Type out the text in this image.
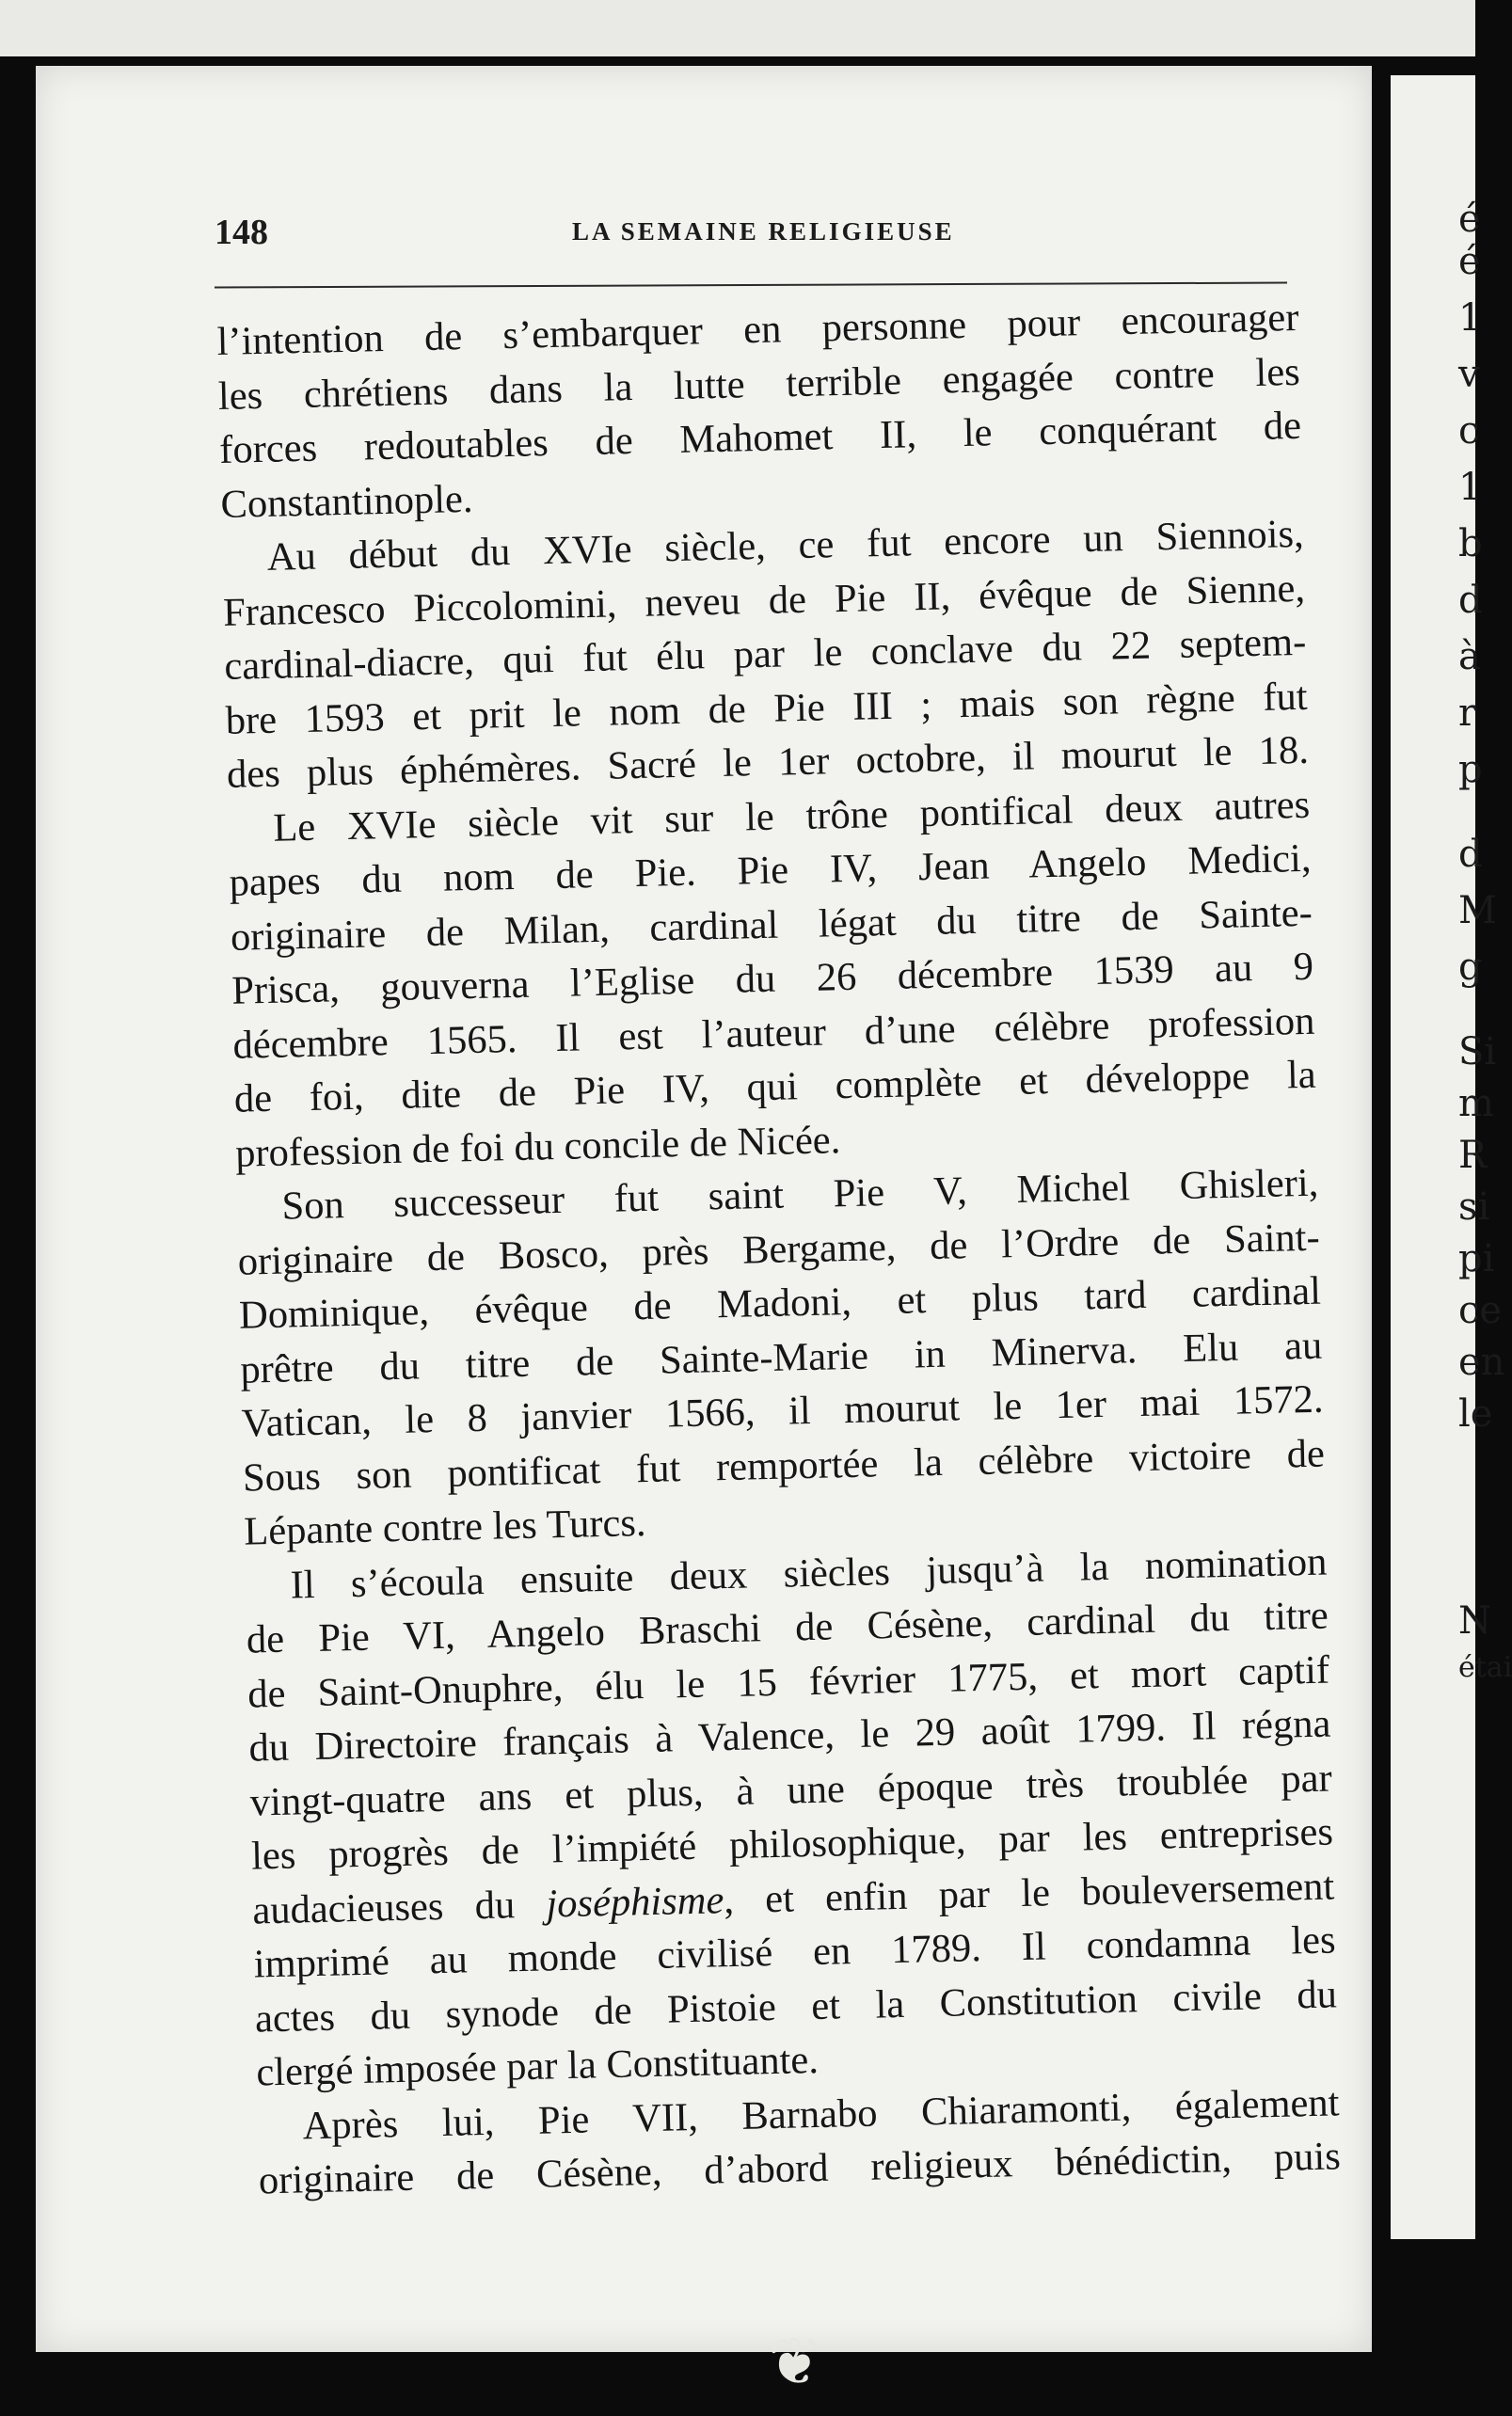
é
é
1
v
c
1
b
d
à
r
p
d
M
g
Si
m
R
si
pi
ce
en
le
N
étai
148	LA SEMAINE RELIGIEUSE

l’intention de s’embarquer en personne pour encourager
les chrétiens dans la lutte terrible engagée contre les
forces redoutables de Mahomet II, le conquérant de
Constantinople.

Au début du XVIe siècle, ce fut encore un Siennois,
Francesco Piccolomini, neveu de Pie II, évêque de Sienne,
cardinal-diacre, qui fut élu par le conclave du 22 septem-
bre 1593 et prit le nom de Pie III ; mais son règne fut
des plus éphémères. Sacré le 1er octobre, il mourut le 18.

Le XVIe siècle vit sur le trône pontifical deux autres
papes du nom de Pie. Pie IV, Jean Angelo Medici,
originaire de Milan, cardinal légat du titre de Sainte-
Prisca, gouverna l’Eglise du 26 décembre 1539 au 9
décembre 1565. Il est l’auteur d’une célèbre profession
de foi, dite de Pie IV, qui complète et développe la
profession de foi du concile de Nicée.

Son successeur fut saint Pie V, Michel Ghisleri,
originaire de Bosco, près Bergame, de l’Ordre de Saint-
Dominique, évêque de Madoni, et plus tard cardinal
prêtre du titre de Sainte-Marie in Minerva. Elu au
Vatican, le 8 janvier 1566, il mourut le 1er mai 1572.
Sous son pontificat fut remportée la célèbre victoire de
Lépante contre les Turcs.

Il s’écoula ensuite deux siècles jusqu’à la nomination
de Pie VI, Angelo Braschi de Césène, cardinal du titre
de Saint-Onuphre, élu le 15 février 1775, et mort captif
du Directoire français à Valence, le 29 août 1799. Il régna
vingt-quatre ans et plus, à une époque très troublée par
les progrès de l’impiété philosophique, par les entreprises
audacieuses du joséphisme, et enfin par le bouleversement
imprimé au monde civilisé en 1789. Il condamna les
actes du synode de Pistoie et la Constitution civile du
clergé imposée par la Constituante.

Après lui, Pie VII, Barnabo Chiaramonti, également
originaire de Césène, d’abord religieux bénédictin, puis

❦
